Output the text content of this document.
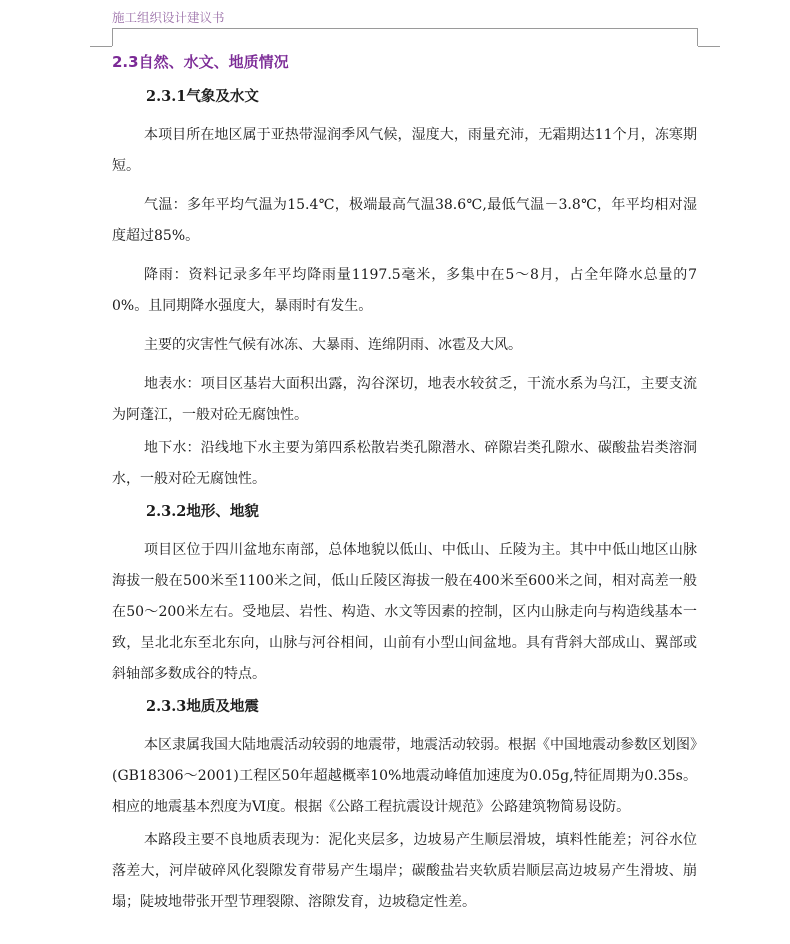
施工组织设计建议书
2.3自然、水文、地质情况
2.3.1气象及水文

本项目所在地区属于亚热带湿润季风气候，湿度大，雨量充沛，无霜期达11个月，冻寒期短。

气温：多年平均气温为15.4℃，极端最高气温38.6℃,最低气温－3.8℃，年平均相对湿度超过85%。

降雨：资料记录多年平均降雨量1197.5毫米，多集中在5～8月，占全年降水总量的70%。且同期降水强度大，暴雨时有发生。

主要的灾害性气候有冰冻、大暴雨、连绵阴雨、冰雹及大风。

地表水：项目区基岩大面积出露，沟谷深切，地表水较贫乏，干流水系为乌江，主要支流为阿蓬江，一般对砼无腐蚀性。

地下水：沿线地下水主要为第四系松散岩类孔隙潜水、碎隙岩类孔隙水、碳酸盐岩类溶洞水，一般对砼无腐蚀性。

2.3.2地形、地貌

项目区位于四川盆地东南部，总体地貌以低山、中低山、丘陵为主。其中中低山地区山脉海拔一般在500米至1100米之间，低山丘陵区海拔一般在400米至600米之间，相对高差一般在50～200米左右。受地层、岩性、构造、水文等因素的控制，区内山脉走向与构造线基本一致，呈北北东至北东向，山脉与河谷相间，山前有小型山间盆地。具有背斜大部成山、翼部或斜轴部多数成谷的特点。

2.3.3地质及地震

本区隶属我国大陆地震活动较弱的地震带，地震活动较弱。根据《中国地震动参数区划图》(GB18306～2001)工程区50年超越概率10%地震动峰值加速度为0.05g,特征周期为0.35s。相应的地震基本烈度为Ⅵ度。根据《公路工程抗震设计规范》公路建筑物简易设防。

本路段主要不良地质表现为：泥化夹层多，边坡易产生顺层滑坡，填料性能差；河谷水位落差大，河岸破碎风化裂隙发育带易产生塌岸；碳酸盐岩夹软质岩顺层高边坡易产生滑坡、崩塌；陡坡地带张开型节理裂隙、溶隙发育，边坡稳定性差。
